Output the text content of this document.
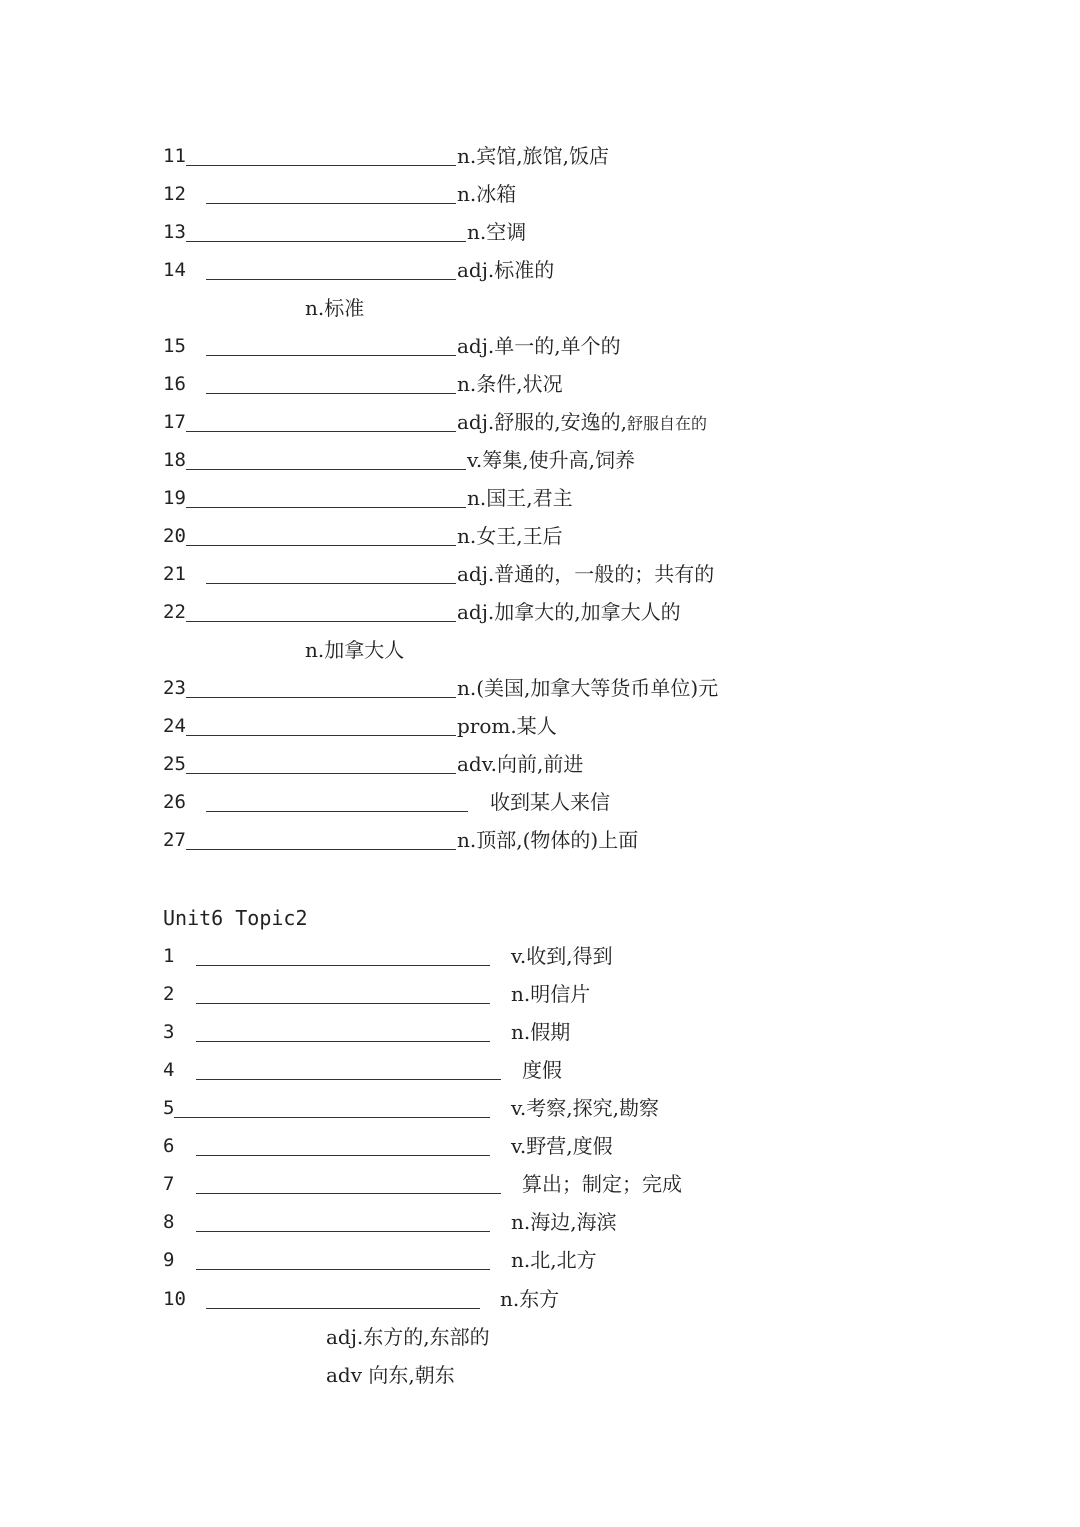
11	n.宾馆,旅馆,饭店
12	n.冰箱
13	n.空调
14	adj.标准的
n.标准
15	adj.单一的,单个的
16	n.条件,状况
17	adj.舒服的,安逸的,舒服自在的
18	v.筹集,使升高,饲养
19	n.国王,君主
20	n.女王,王后
21	adj.普通的，一般的；共有的
22	adj.加拿大的,加拿大人的
n.加拿大人
23	n.(美国,加拿大等货币单位)元
24	prom.某人
25	adv.向前,前进
26	收到某人来信
27	n.顶部,(物体的)上面
Unit6 Topic2
1	v.收到,得到
2	n.明信片
3	n.假期
4	度假
5	v.考察,探究,勘察
6	v.野营,度假
7	算出；制定；完成
8	n.海边,海滨
9	n.北,北方
10	n.东方
adj.东方的,东部的
adv 向东,朝东
